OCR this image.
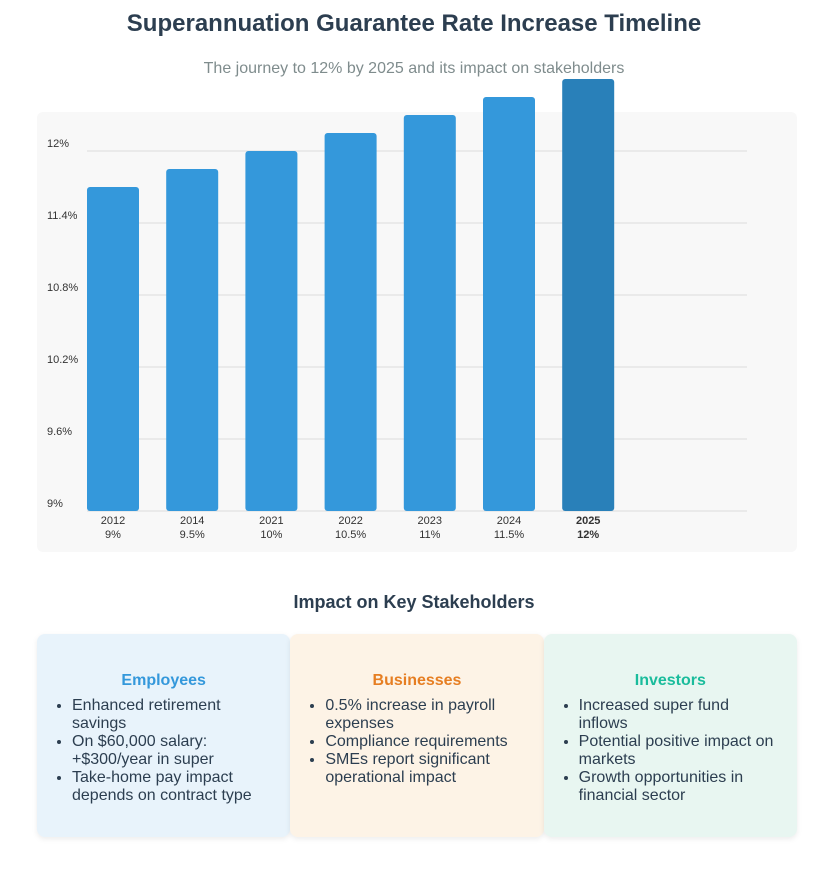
Superannuation Guarantee Rate Increase Timeline
The journey to 12% by 2025 and its impact on stakeholders
9%
9.6%
10.2%
10.8%
11.4%
12%
2012
9%
2014
9.5%
2021
10%
2022
10.5%
2023
11%
2024
11.5%
2025
12%
Impact on Key Stakeholders
Employees
• Enhanced retirement savings
• On $60,000 salary: +$300/year in super
• Take-home pay impact depends on contract type
Businesses
• 0.5% increase in payroll expenses
• Compliance requirements
• SMEs report significant operational impact
Investors
• Increased super fund inflows
• Potential positive impact on markets
• Growth opportunities in financial sector
